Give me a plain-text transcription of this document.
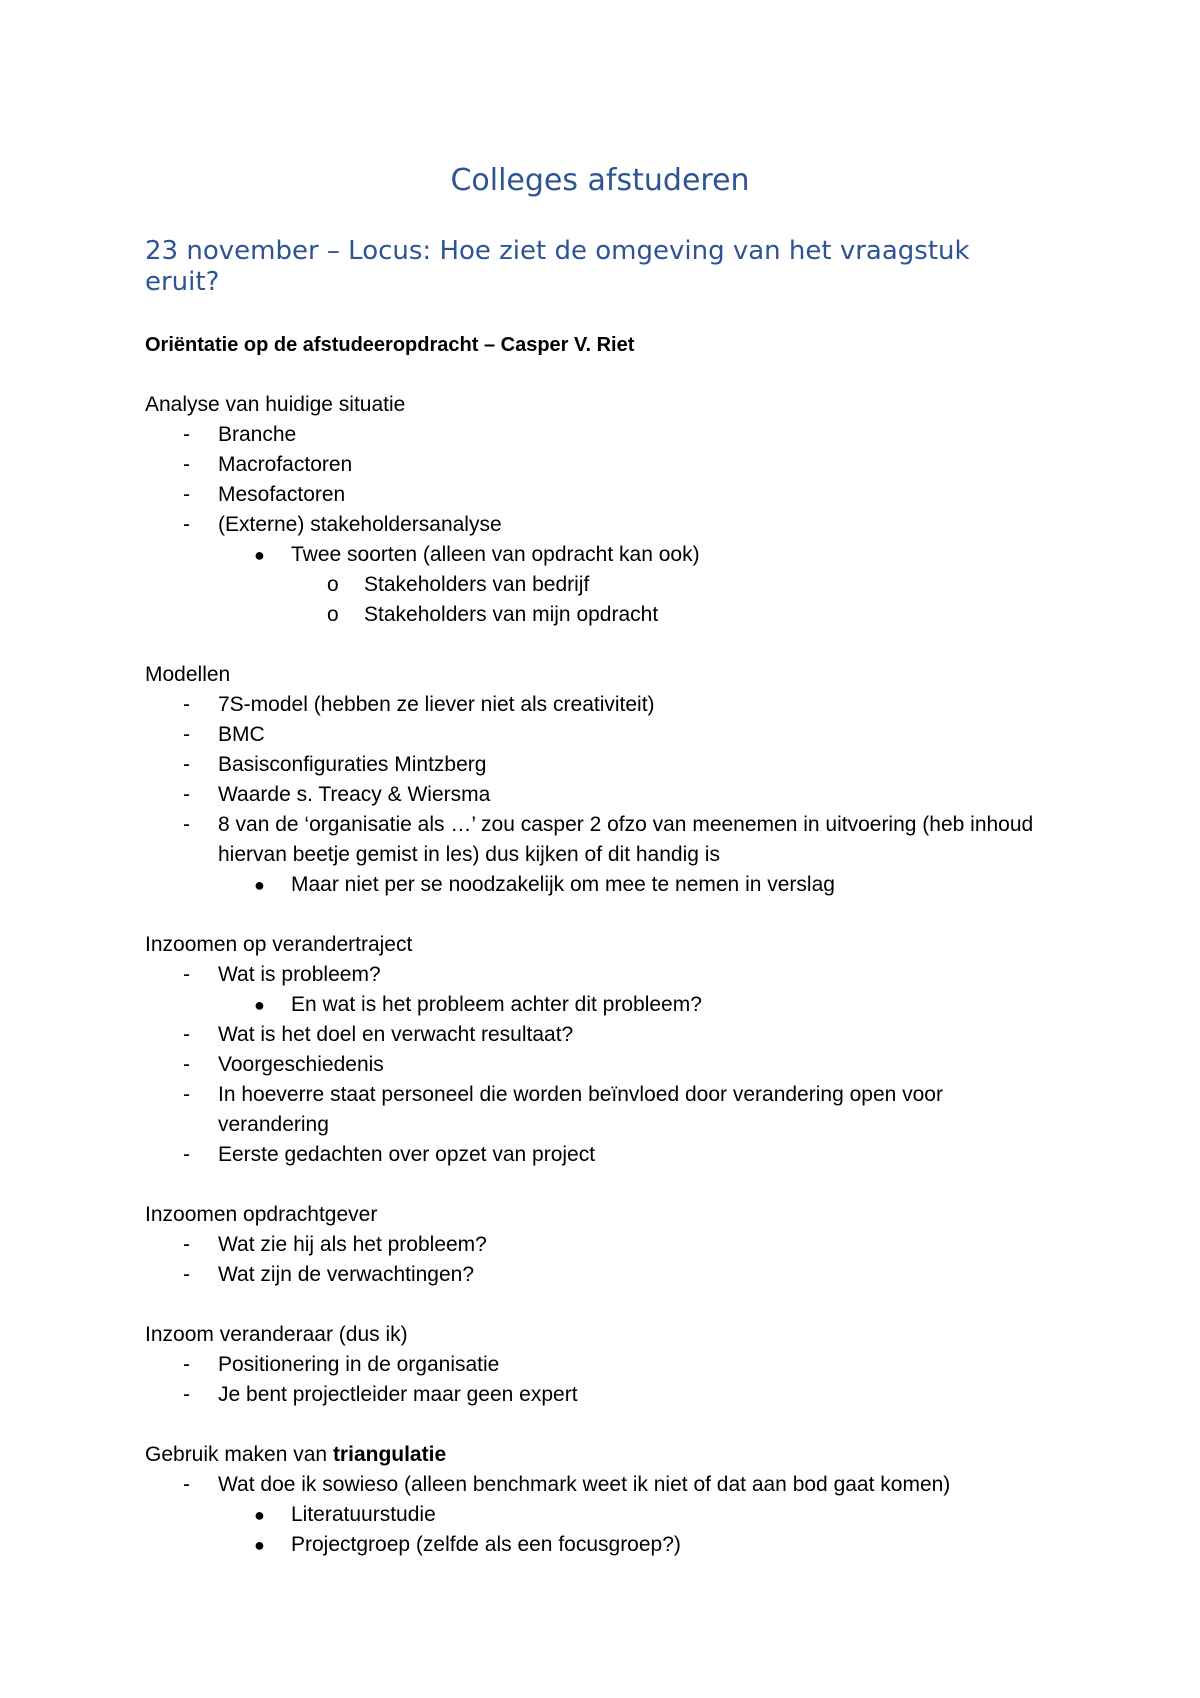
Colleges afstuderen
23 november – Locus: Hoe ziet de omgeving van het vraagstuk eruit?

Oriëntatie op de afstudeeropdracht – Casper V. Riet

Analyse van huidige situatie

- Branche
- Macrofactoren
- Mesofactoren
- (Externe) stakeholdersanalyse
● Twee soorten (alleen van opdracht kan ook)
o Stakeholders van bedrijf
o Stakeholders van mijn opdracht

Modellen

- 7S-model (hebben ze liever niet als creativiteit)
- BMC
- Basisconfiguraties Mintzberg
- Waarde s. Treacy & Wiersma
- 8 van de ‘organisatie als …’ zou casper 2 ofzo van meenemen in uitvoering (heb inhoud hiervan beetje gemist in les) dus kijken of dit handig is
● Maar niet per se noodzakelijk om mee te nemen in verslag

Inzoomen op verandertraject

- Wat is probleem?
● En wat is het probleem achter dit probleem?
- Wat is het doel en verwacht resultaat?
- Voorgeschiedenis
- In hoeverre staat personeel die worden beïnvloed door verandering open voor verandering
- Eerste gedachten over opzet van project

Inzoomen opdrachtgever

- Wat zie hij als het probleem?
- Wat zijn de verwachtingen?

Inzoom veranderaar (dus ik)

- Positionering in de organisatie
- Je bent projectleider maar geen expert

Gebruik maken van triangulatie

- Wat doe ik sowieso (alleen benchmark weet ik niet of dat aan bod gaat komen)
● Literatuurstudie
● Projectgroep (zelfde als een focusgroep?)
